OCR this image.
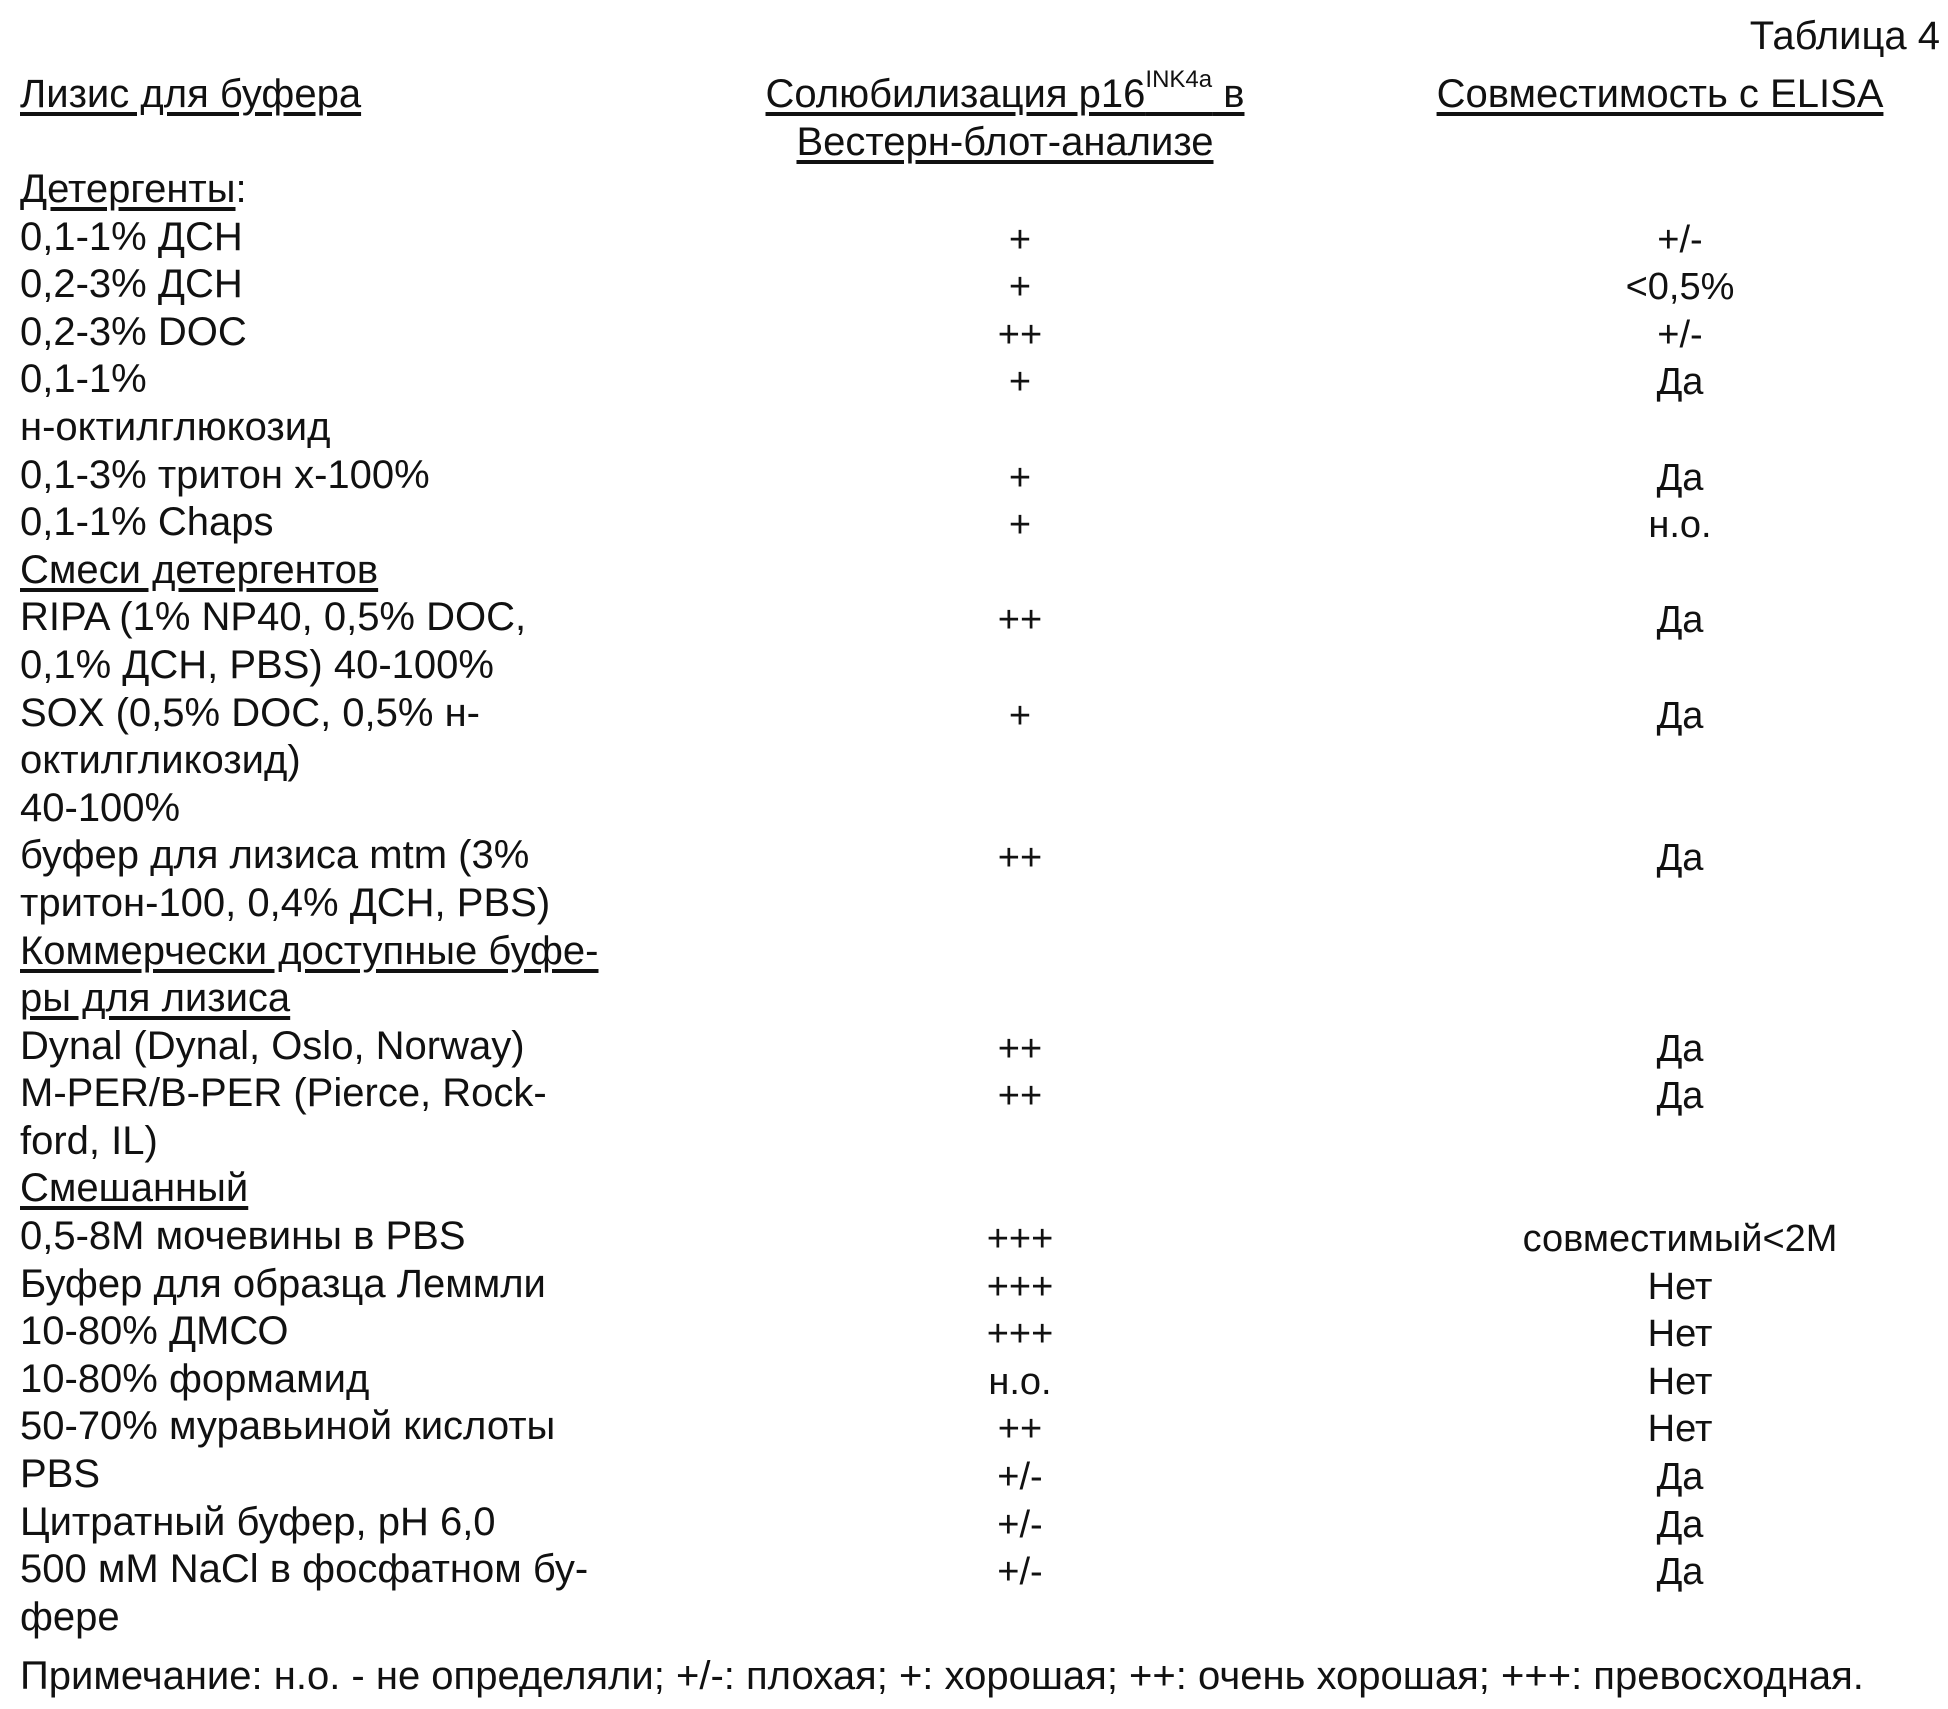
Таблица 4
Лизис для буфера	Солюбилизация p16INK4a в
Вестерн-блот-анализе
Совместимость с ELISA
Детергенты:
0,1-1% ДСН	+	+/-
0,2-3% ДСН	+	<0,5%
0,2-3% DOC	++	+/-
0,1-1%
н-октилглюкозид
+	Да
0,1-3% тритон х-100%	+	Да
0,1-1% Chaps	+	н.о.
Смеси детергентов
RIPA (1% NP40, 0,5% DOC,
0,1% ДСН, PBS) 40-100%
++	Да
SOX (0,5% DOC, 0,5% н-
октилгликозид)
40-100%
+	Да
буфер для лизиса mtm (3%
тритон-100, 0,4% ДСН, PBS)
++	Да
Коммерчески доступные буфе-
ры для лизиса
Dynal (Dynal, Oslo, Norway)	++	Да
M-PER/B-PER (Pierce, Rock-
ford, IL)
++	Да
Смешанный
0,5-8М мочевины в PBS	+++	совместимый<2М
Буфер для образца Леммли	+++	Нет
10-80% ДМСО	+++	Нет
10-80% формамид	н.о.	Нет
50-70% муравьиной кислоты	++	Нет
PBS	+/-	Да
Цитратный буфер, pH 6,0	+/-	Да
500 мМ NaCl в фосфатном бу-
фере
+/-	Да
Примечание: н.о. - не определяли; +/-: плохая; +: хорошая; ++: очень хорошая; +++: превосходная.
